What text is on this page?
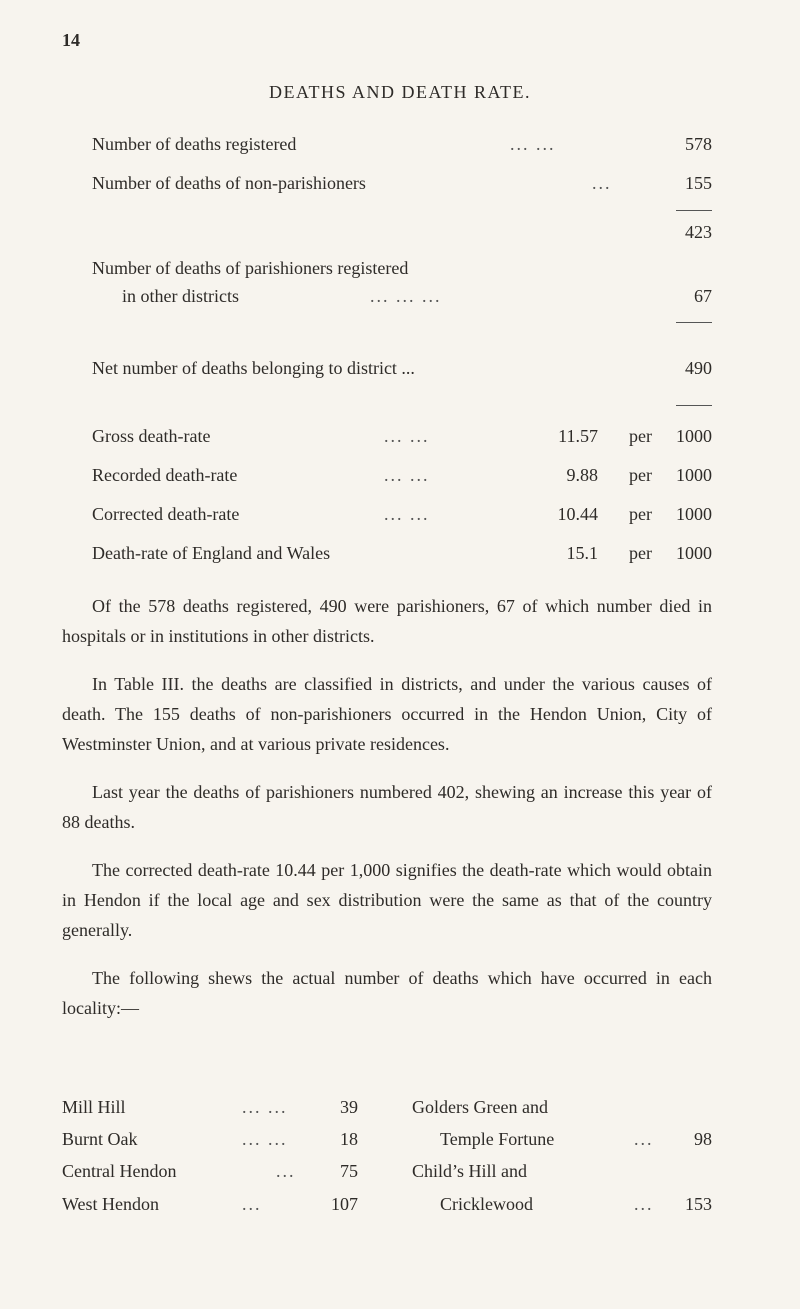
14
DEATHS AND DEATH RATE.
Number of deaths registered	... ...	578
Number of deaths of non-parishioners	...	155
423
Number of deaths of parishioners registered
in other districts	... ... ...	67
Net number of deaths belonging to district ...	490
Gross death-rate	... ...	11.57 per 1000
Recorded death-rate	... ...	9.88 per 1000
Corrected death-rate	... ...	10.44 per 1000
Death-rate of England and Wales	15.1 per 1000

Of the 578 deaths registered, 490 were parishioners, 67 of which number died in hospitals or in institutions in other districts.

In Table III. the deaths are classified in districts, and under the various causes of death. The 155 deaths of non-parishioners occurred in the Hendon Union, City of Westminster Union, and at various private residences.

Last year the deaths of parishioners numbered 402, shewing an increase this year of 88 deaths.

The corrected death-rate 10.44 per 1,000 signifies the death-rate which would obtain in Hendon if the local age and sex distribution were the same as that of the country generally.

The following shews the actual number of deaths which have occurred in each locality:—

Mill Hill	... ...	39
Burnt Oak	... ...	18
Central Hendon	... 75
West Hendon	...	107
Golders Green and
Temple Fortune	... 98
Child’s Hill and
Cricklewood	... 153
